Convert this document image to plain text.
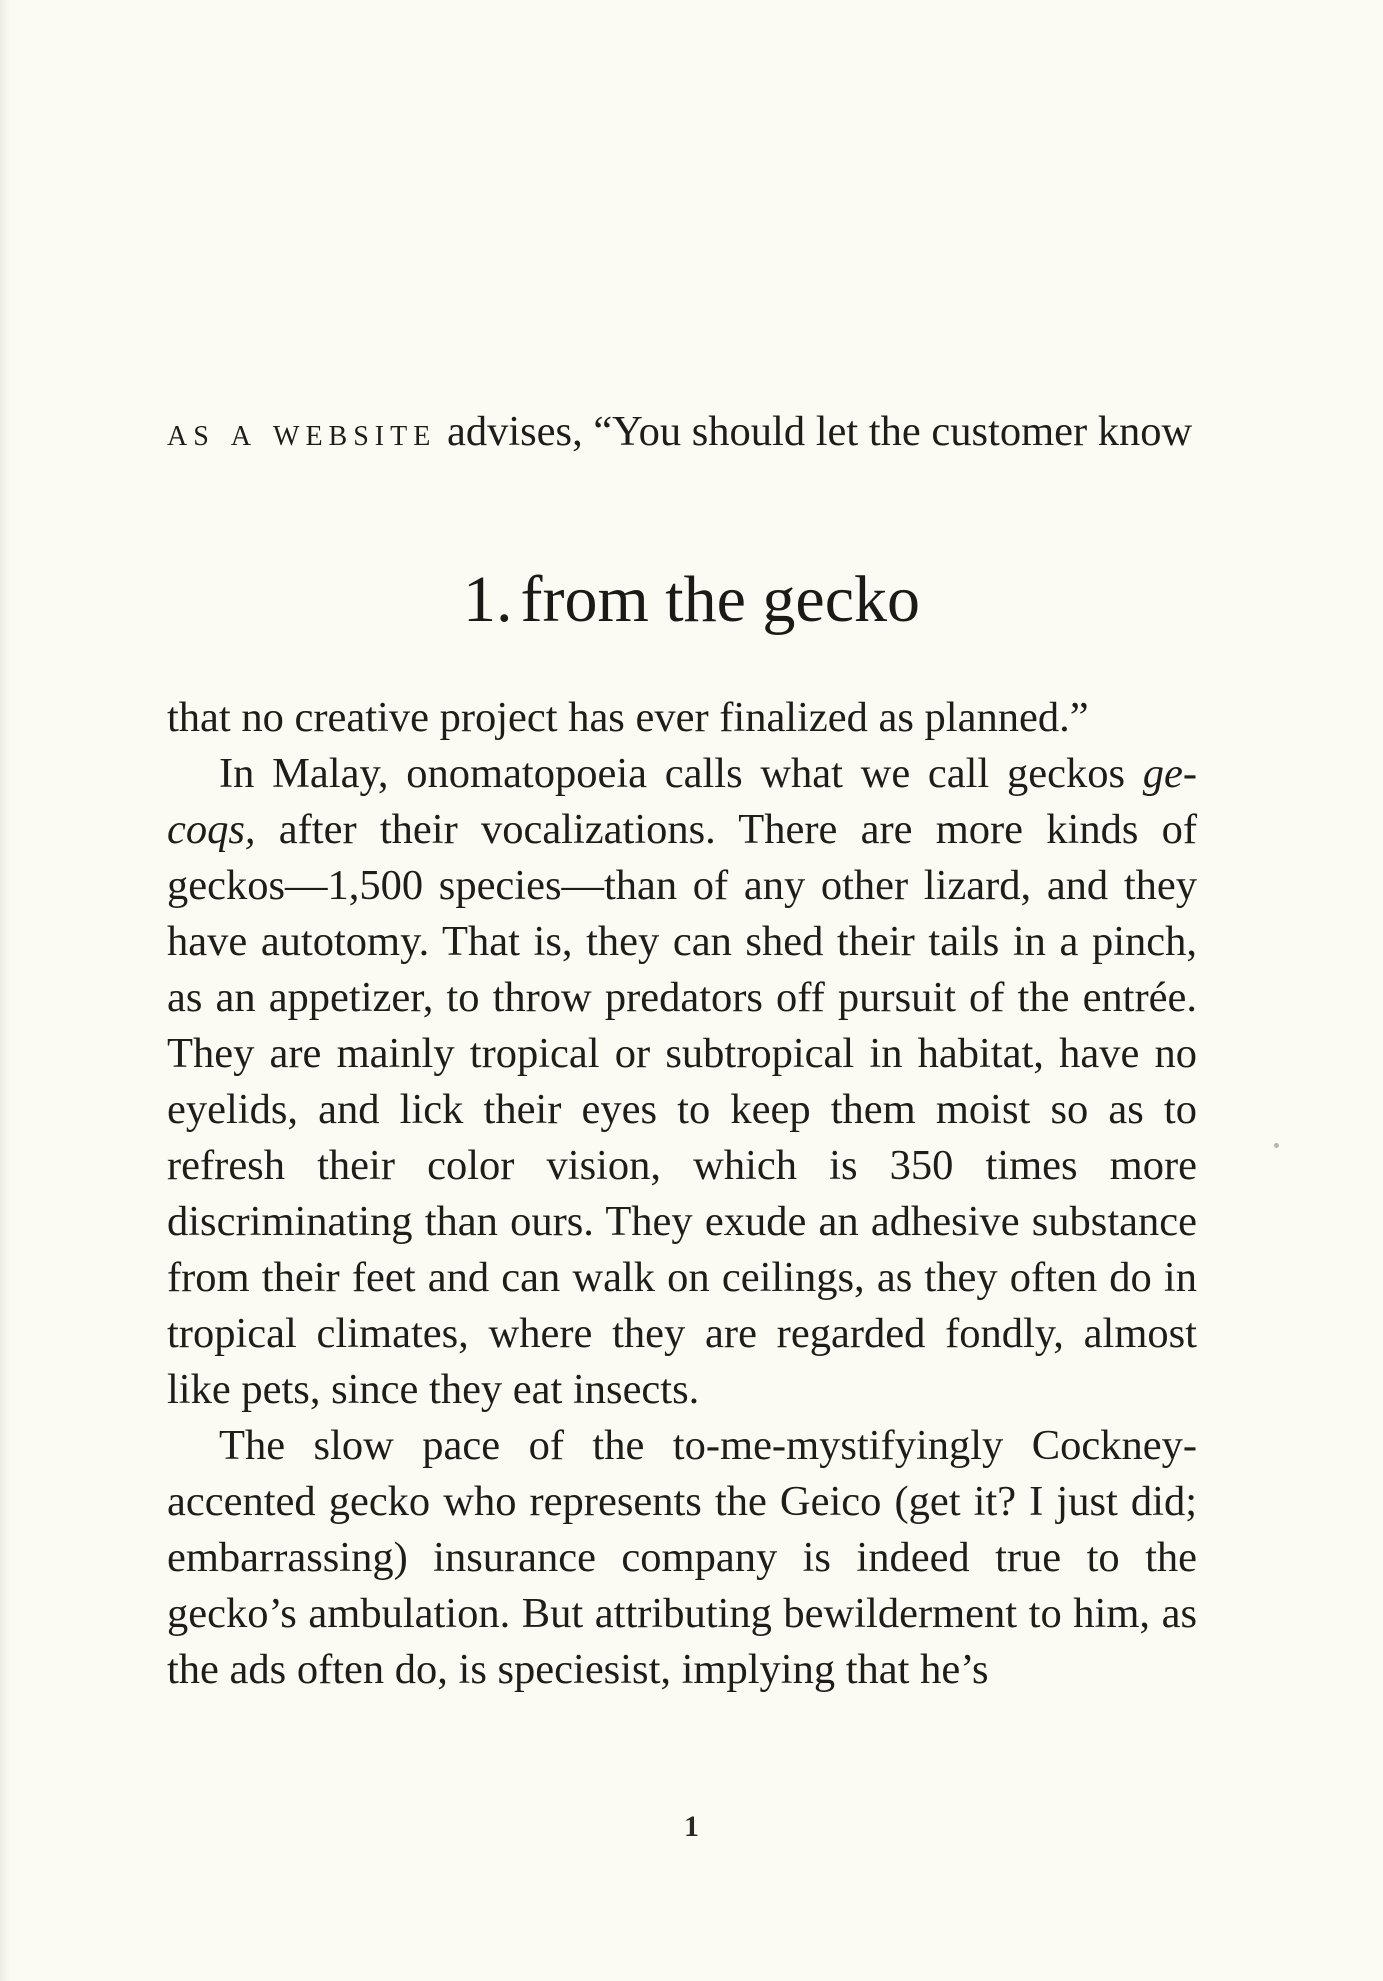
as a website advises, “You should let the customer know
1. from the gecko

that no creative project has ever finalized as planned.”

In Malay, onomatopoeia calls what we call geckos gecoqs, after their vocalizations. There are more kinds of geckos—1,500 species—than of any other lizard, and they have autotomy. That is, they can shed their tails in a pinch, as an appetizer, to throw predators off pursuit of the entrée. They are mainly tropical or subtropical in habitat, have no eyelids, and lick their eyes to keep them moist so as to refresh their color vision, which is 350 times more discriminating than ours. They exude an adhesive substance from their feet and can walk on ceilings, as they often do in tropical climates, where they are regarded fondly, almost like pets, since they eat insects.

The slow pace of the to-me-mystifyingly Cockney-accented gecko who represents the Geico (get it? I just did; embarrassing) insurance company is indeed true to the gecko’s ambulation. But attributing bewilderment to him, as the ads often do, is speciesist, implying that he’s

1
